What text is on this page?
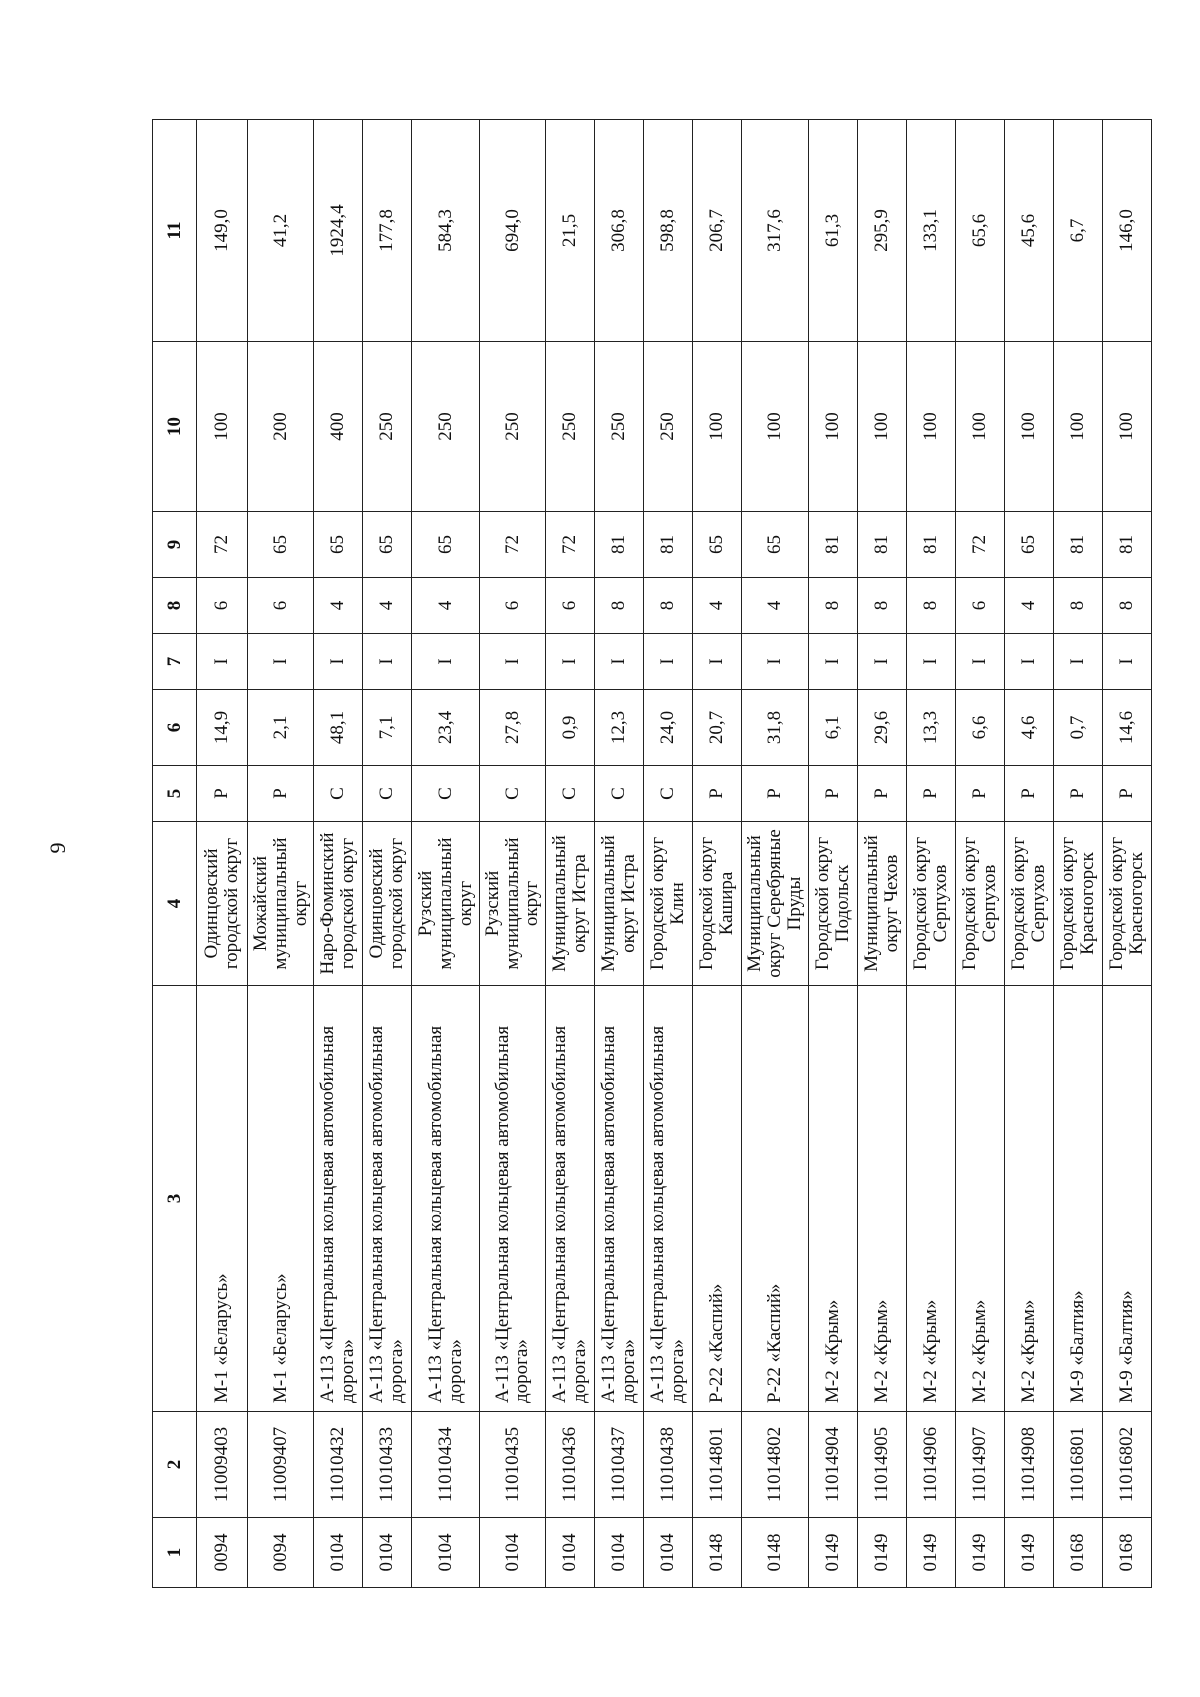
9
1	2	3	4	5	6	7	8	9	10	11
0094	11009403	М-1 «Беларусь»	Одинцовский городской округ	Р	14,9	I	6	72	100	149,0
0094	11009407	М-1 «Беларусь»	Можайский муниципальный округ	Р	2,1	I	6	65	200	41,2
0104	11010432	А-113 «Центральная кольцевая автомобильная дорога»	Наро-Фоминский городской округ	С	48,1	I	4	65	400	1924,4
0104	11010433	А-113 «Центральная кольцевая автомобильная дорога»	Одинцовский городской округ	С	7,1	I	4	65	250	177,8
0104	11010434	А-113 «Центральная кольцевая автомобильная дорога»	Рузский муниципальный округ	С	23,4	I	4	65	250	584,3
0104	11010435	А-113 «Центральная кольцевая автомобильная дорога»	Рузский муниципальный округ	С	27,8	I	6	72	250	694,0
0104	11010436	А-113 «Центральная кольцевая автомобильная дорога»	Муниципальный округ Истра	С	0,9	I	6	72	250	21,5
0104	11010437	А-113 «Центральная кольцевая автомобильная дорога»	Муниципальный округ Истра	С	12,3	I	8	81	250	306,8
0104	11010438	А-113 «Центральная кольцевая автомобильная дорога»	Городской округ Клин	С	24,0	I	8	81	250	598,8
0148	11014801	Р-22 «Каспий»	Городской округ Кашира	Р	20,7	I	4	65	100	206,7
0148	11014802	Р-22 «Каспий»	Муниципальный округ Серебряные Пруды	Р	31,8	I	4	65	100	317,6
0149	11014904	М-2 «Крым»	Городской округ Подольск	Р	6,1	I	8	81	100	61,3
0149	11014905	М-2 «Крым»	Муниципальный округ Чехов	Р	29,6	I	8	81	100	295,9
0149	11014906	М-2 «Крым»	Городской округ Серпухов	Р	13,3	I	8	81	100	133,1
0149	11014907	М-2 «Крым»	Городской округ Серпухов	Р	6,6	I	6	72	100	65,6
0149	11014908	М-2 «Крым»	Городской округ Серпухов	Р	4,6	I	4	65	100	45,6
0168	11016801	М-9 «Балтия»	Городской округ Красногорск	Р	0,7	I	8	81	100	6,7
0168	11016802	М-9 «Балтия»	Городской округ Красногорск	Р	14,6	I	8	81	100	146,0
